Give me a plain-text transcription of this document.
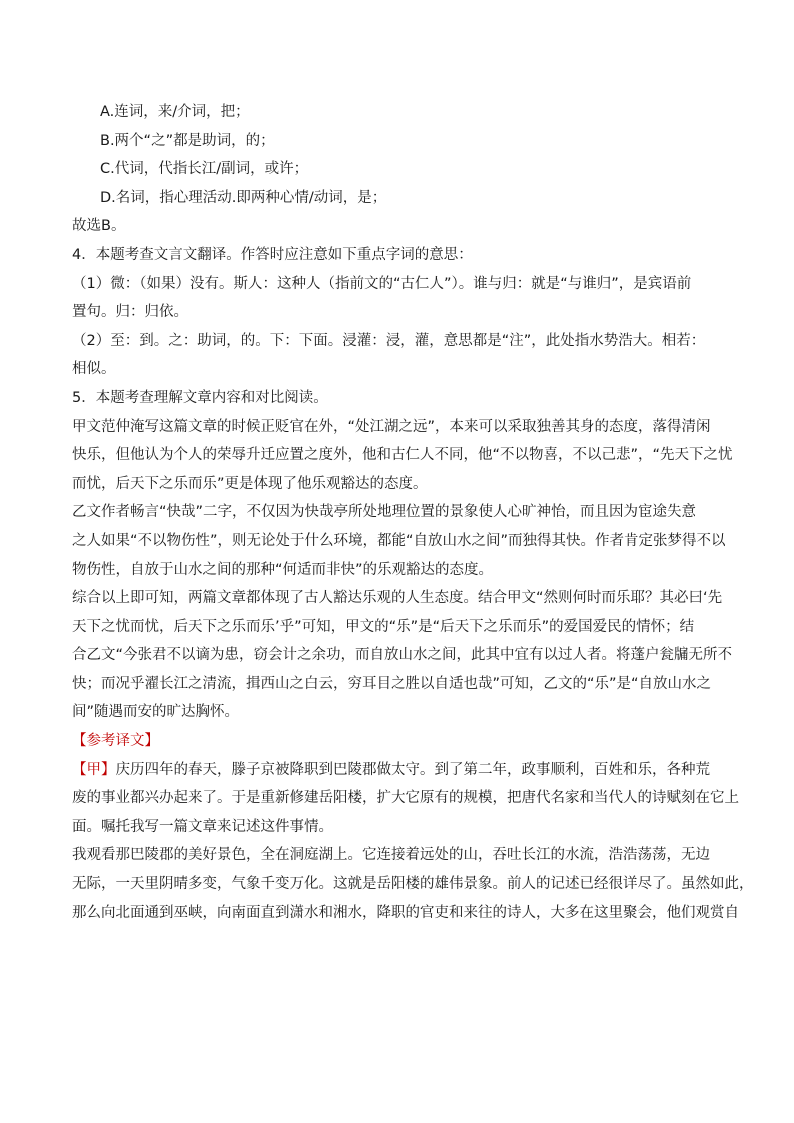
A.连词，来/介词，把；

B.两个“之”都是助词，的；

C.代词，代指长江/副词，或许；

D.名词，指心理活动.即两种心情/动词，是；

故选B。

4．本题考查文言文翻译。作答时应注意如下重点字词的意思：

（1）微：（如果）没有。斯人：这种人（指前文的“古仁人”）。谁与归：就是“与谁归”，是宾语前

置句。归：归依。

（2）至：到。之：助词，的。下：下面。浸灌：浸，灌，意思都是“注”，此处指水势浩大。相若：

相似。

5．本题考查理解文章内容和对比阅读。

甲文范仲淹写这篇文章的时候正贬官在外，“处江湖之远”，本来可以采取独善其身的态度，落得清闲

快乐，但他认为个人的荣辱升迁应置之度外，他和古仁人不同，他“不以物喜，不以己悲”，“先天下之忧

而忧，后天下之乐而乐”更是体现了他乐观豁达的态度。

乙文作者畅言“快哉”二字，不仅因为快哉亭所处地理位置的景象使人心旷神怡，而且因为宦途失意

之人如果“不以物伤性”，则无论处于什么环境，都能“自放山水之间”而独得其快。作者肯定张梦得不以

物伤性，自放于山水之间的那种“何适而非快”的乐观豁达的态度。

综合以上即可知，两篇文章都体现了古人豁达乐观的人生态度。结合甲文“然则何时而乐耶？其必曰‘先

天下之忧而忧，后天下之乐而乐’乎”可知，甲文的“乐”是“后天下之乐而乐”的爱国爱民的情怀；结

合乙文“今张君不以谪为患，窃会计之余功，而自放山水之间，此其中宜有以过人者。将蓬户瓮牖无所不

快；而况乎濯长江之清流，揖西山之白云，穷耳目之胜以自适也哉”可知，乙文的“乐”是“自放山水之

间”随遇而安的旷达胸怀。

【参考译文】

【甲】庆历四年的春天，滕子京被降职到巴陵郡做太守。到了第二年，政事顺利，百姓和乐，各种荒

废的事业都兴办起来了。于是重新修建岳阳楼，扩大它原有的规模，把唐代名家和当代人的诗赋刻在它上

面。嘱托我写一篇文章来记述这件事情。

我观看那巴陵郡的美好景色，全在洞庭湖上。它连接着远处的山，吞吐长江的水流，浩浩荡荡，无边

无际，一天里阴晴多变，气象千变万化。这就是岳阳楼的雄伟景象。前人的记述已经很详尽了。虽然如此，

那么向北面通到巫峡，向南面直到潇水和湘水，降职的官吏和来往的诗人，大多在这里聚会，他们观赏自
